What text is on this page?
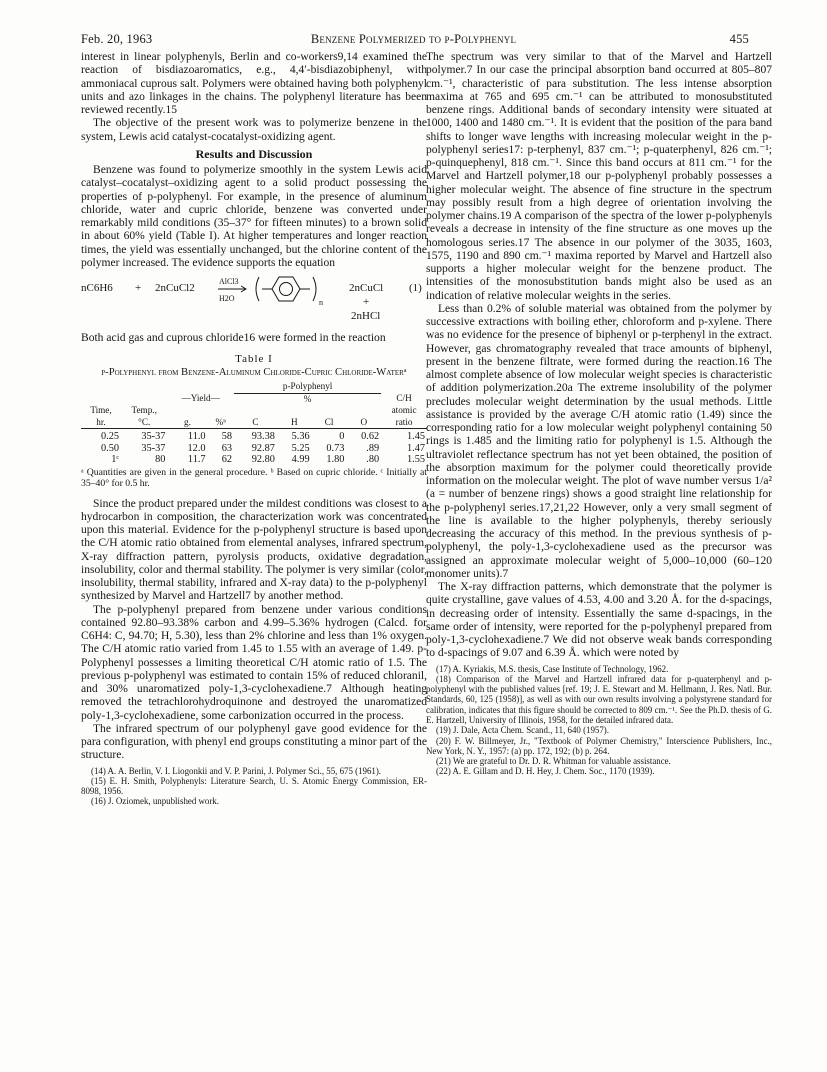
Feb. 20, 1963	Benzene Polymerized to p-Polyphenyl	455

interest in linear polyphenyls, Berlin and co-workers9,14 examined the reaction of bisdiazoaromatics, e.g., 4,4′-bisdiazobiphenyl, with ammoniacal cuprous salt. Polymers were obtained having both polyphenyl units and azo linkages in the chains. The polyphenyl literature has been reviewed recently.15

The objective of the present work was to polymerize benzene in the system, Lewis acid catalyst-cocatalyst-oxidizing agent.

Results and Discussion

Benzene was found to polymerize smoothly in the system Lewis acid catalyst–cocatalyst–oxidizing agent to a solid product possessing the properties of p-polyphenyl. For example, in the presence of aluminum chloride, water and cupric chloride, benzene was converted under remarkably mild conditions (35–37° for fifteen minutes) to a brown solid in about 60% yield (Table I). At higher temperatures and longer reaction times, the yield was essentially unchanged, but the chlorine content of the polymer increased. The evidence supports the equation

nC6H6 + 2nCuCl2
AlCl3
H2O	n
2nCuCl
+
2nHCl
(1)

Both acid gas and cuprous chloride16 were formed in the reaction

Table I
p-Polyphenyl from Benzene-Aluminum Chloride-Cupric Chloride-Waterᵃ
				p-Polyphenyl				
		—Yield—		%				C/H
Time,	Temp.,							atomic
hr.	°C.	g.	%ᵇ	C	H	Cl	O	ratio
0.25	35-37	11.0	58	93.38	5.36	0	0.62	1.45
0.50	35-37	12.0	63	92.87	5.25	0.73	.89	1.47
1ᶜ	80	11.7	62	92.80	4.99	1.80	.80	1.55
ᵃ Quantities are given in the general procedure. ᵇ Based on cupric chloride. ᶜ Initially at 35–40° for 0.5 hr.

Since the product prepared under the mildest conditions was closest to a hydrocarbon in composition, the characterization work was concentrated upon this material. Evidence for the p-polyphenyl structure is based upon the C/H atomic ratio obtained from elemental analyses, infrared spectrum, X-ray diffraction pattern, pyrolysis products, oxidative degradation, insolubility, color and thermal stability. The polymer is very similar (color, insolubility, thermal stability, infrared and X-ray data) to the p-polyphenyl synthesized by Marvel and Hartzell7 by another method.

The p-polyphenyl prepared from benzene under various conditions contained 92.80–93.38% carbon and 4.99–5.36% hydrogen (Calcd. for C6H4: C, 94.70; H, 5.30), less than 2% chlorine and less than 1% oxygen. The C/H atomic ratio varied from 1.45 to 1.55 with an average of 1.49. p-Polyphenyl possesses a limiting theoretical C/H atomic ratio of 1.5. The previous p-polyphenyl was estimated to contain 15% of reduced chloranil, and 30% unaromatized poly-1,3-cyclohexadiene.7 Although heating removed the tetrachlorohydroquinone and destroyed the unaromatized poly-1,3-cyclohexadiene, some carbonization occurred in the process.

The infrared spectrum of our polyphenyl gave good evidence for the para configuration, with phenyl end groups constituting a minor part of the structure.

(14) A. A. Berlin, V. I. Liogonkii and V. P. Parini, J. Polymer Sci., 55, 675 (1961).

(15) E. H. Smith, Polyphenyls: Literature Search, U. S. Atomic Energy Commission, ER-8098, 1956.

(16) J. Oziomek, unpublished work.

The spectrum was very similar to that of the Marvel and Hartzell polymer.7 In our case the principal absorption band occurred at 805–807 cm.⁻¹, characteristic of para substitution. The less intense absorption maxima at 765 and 695 cm.⁻¹ can be attributed to monosubstituted benzene rings. Additional bands of secondary intensity were situated at 1000, 1400 and 1480 cm.⁻¹. It is evident that the position of the para band shifts to longer wave lengths with increasing molecular weight in the p-polyphenyl series17: p-terphenyl, 837 cm.⁻¹; p-quaterphenyl, 826 cm.⁻¹; p-quinquephenyl, 818 cm.⁻¹. Since this band occurs at 811 cm.⁻¹ for the Marvel and Hartzell polymer,18 our p-polyphenyl probably possesses a higher molecular weight. The absence of fine structure in the spectrum may possibly result from a high degree of orientation involving the polymer chains.19 A comparison of the spectra of the lower p-polyphenyls reveals a decrease in intensity of the fine structure as one moves up the homologous series.17 The absence in our polymer of the 3035, 1603, 1575, 1190 and 890 cm.⁻¹ maxima reported by Marvel and Hartzell also supports a higher molecular weight for the benzene product. The intensities of the monosubstitution bands might also be used as an indication of relative molecular weights in the series.

Less than 0.2% of soluble material was obtained from the polymer by successive extractions with boiling ether, chloroform and p-xylene. There was no evidence for the presence of biphenyl or p-terphenyl in the extract. However, gas chromatography revealed that trace amounts of biphenyl, present in the benzene filtrate, were formed during the reaction.16 The almost complete absence of low molecular weight species is characteristic of addition polymerization.20a The extreme insolubility of the polymer precludes molecular weight determination by the usual methods. Little assistance is provided by the average C/H atomic ratio (1.49) since the corresponding ratio for a low molecular weight polyphenyl containing 50 rings is 1.485 and the limiting ratio for polyphenyl is 1.5. Although the ultraviolet reflectance spectrum has not yet been obtained, the position of the absorption maximum for the polymer could theoretically provide information on the molecular weight. The plot of wave number versus 1/a² (a = number of benzene rings) shows a good straight line relationship for the p-polyphenyl series.17,21,22 However, only a very small segment of the line is available to the higher polyphenyls, thereby seriously decreasing the accuracy of this method. In the previous synthesis of p-polyphenyl, the poly-1,3-cyclohexadiene used as the precursor was assigned an approximate molecular weight of 5,000–10,000 (60–120 monomer units).7

The X-ray diffraction patterns, which demonstrate that the polymer is quite crystalline, gave values of 4.53, 4.00 and 3.20 Å. for the d-spacings, in decreasing order of intensity. Essentially the same d-spacings, in the same order of intensity, were reported for the p-polyphenyl prepared from poly-1,3-cyclohexadiene.7 We did not observe weak bands corresponding to d-spacings of 9.07 and 6.39 Å. which were noted by

(17) A. Kyriakis, M.S. thesis, Case Institute of Technology, 1962.

(18) Comparison of the Marvel and Hartzell infrared data for p-quaterphenyl and p-polyphenyl with the published values [ref. 19; J. E. Stewart and M. Hellmann, J. Res. Natl. Bur. Standards, 60, 125 (1958)], as well as with our own results involving a polystyrene standard for calibration, indicates that this figure should be corrected to 809 cm.⁻¹. See the Ph.D. thesis of G. E. Hartzell, University of Illinois, 1958, for the detailed infrared data.

(19) J. Dale, Acta Chem. Scand., 11, 640 (1957).

(20) F. W. Billmeyer, Jr., "Textbook of Polymer Chemistry," Interscience Publishers, Inc., New York, N. Y., 1957: (a) pp. 172, 192; (b) p. 264.

(21) We are grateful to Dr. D. R. Whitman for valuable assistance.

(22) A. E. Gillam and D. H. Hey, J. Chem. Soc., 1170 (1939).
